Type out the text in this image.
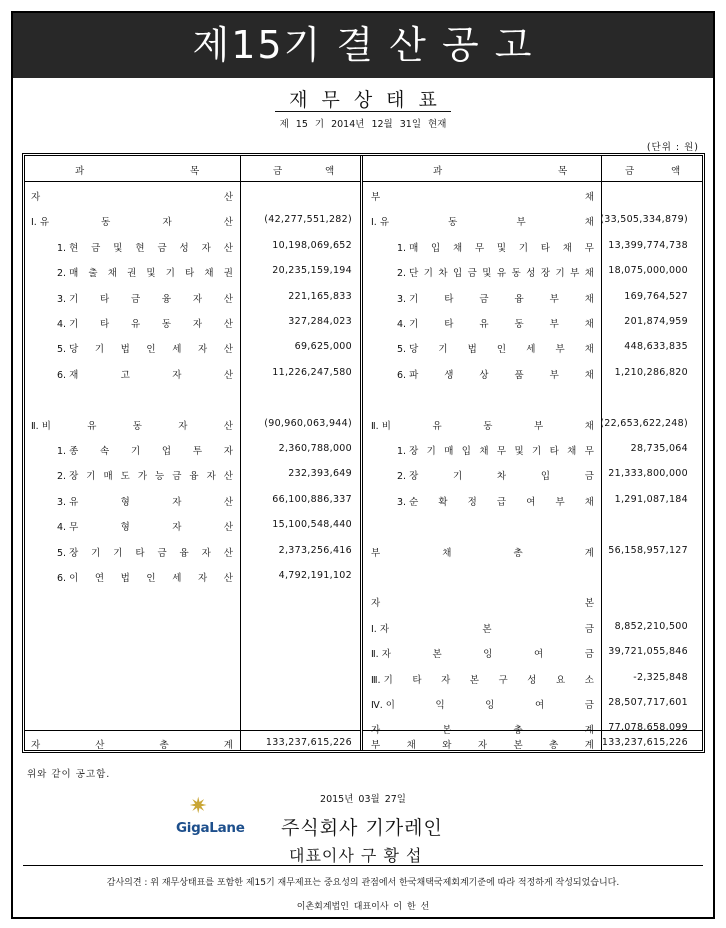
제15기 결 산 공 고
재무상태표
제 15 기 2014년 12월 31일 현재
(단위 : 원)
과	목	금	액
자	산
Ⅰ. 유	동	자	산	(42,277,551,282)
1. 현 금 및 현 금 성 자 산	10,198,069,652
2. 매 출 채 권 및 기 타 채 권	20,235,159,194
3. 기 타 금 융 자 산	221,165,833
4. 기 타 유 동 자 산	327,284,023
5. 당 기 법 인 세 자 산	69,625,000
6. 재	고	자	산	11,226,247,580
Ⅱ. 비	유	동	자	산	(90,960,063,944)
1. 종 속 기 업 투 자	2,360,788,000
2. 장 기 매 도 가 능 금 융 자 산	232,393,649
3. 유	형	자	산	66,100,886,337
4. 무	형	자	산	15,100,548,440
5. 장 기 기 타 금 융 자 산	2,373,256,416
6. 이 연 법 인 세 자 산	4,792,191,102
자	산	총	계	133,237,615,226
과	목	금	액
부	채
Ⅰ. 유	동	부	채 (33,505,334,879)
1. 매 입 채 무 및 기 타 채 무	13,399,774,738
2. 단 기 차 입 금 및 유 동 성 장 기 부 채	18,075,000,000
3. 기	타	금	융	부	채	169,764,527
4. 기	타	유	동	부	채	201,874,959
5. 당 기 법 인 세 부 채	448,633,835
6. 파	생	상	품	부	채	1,210,286,820
Ⅱ. 비	유	동	부	채 (22,653,622,248)
1. 장 기 매 입 채 무 및 기 타 채 무	28,735,064
2. 장	기	차	입	금	21,333,800,000
3. 순 확 정 급 여 부 채	1,291,087,184
부	채	총	계	56,158,957,127
자	본
Ⅰ. 자	본	금	8,852,210,500
Ⅱ. 자	본	잉	여	금	39,721,055,846
Ⅲ. 기 타 자 본 구 성 요 소	-2,325,848
Ⅳ. 이	익	잉	여	금	28,507,717,601
자	본	총	계	77,078,658,099
부	채	와	자	본	총	계 133,237,615,226
위와 같이 공고함.
2015년 03월 27일
✷
GigaLane 주식회사 기가레인
대표이사 구 황 섭
감사의견 : 위 재무상태표를 포함한 제15기 재무제표는 중요성의 관점에서 한국채택국제회계기준에 따라 적정하게 작성되었습니다.
이촌회계법인 대표이사 이 한 선
